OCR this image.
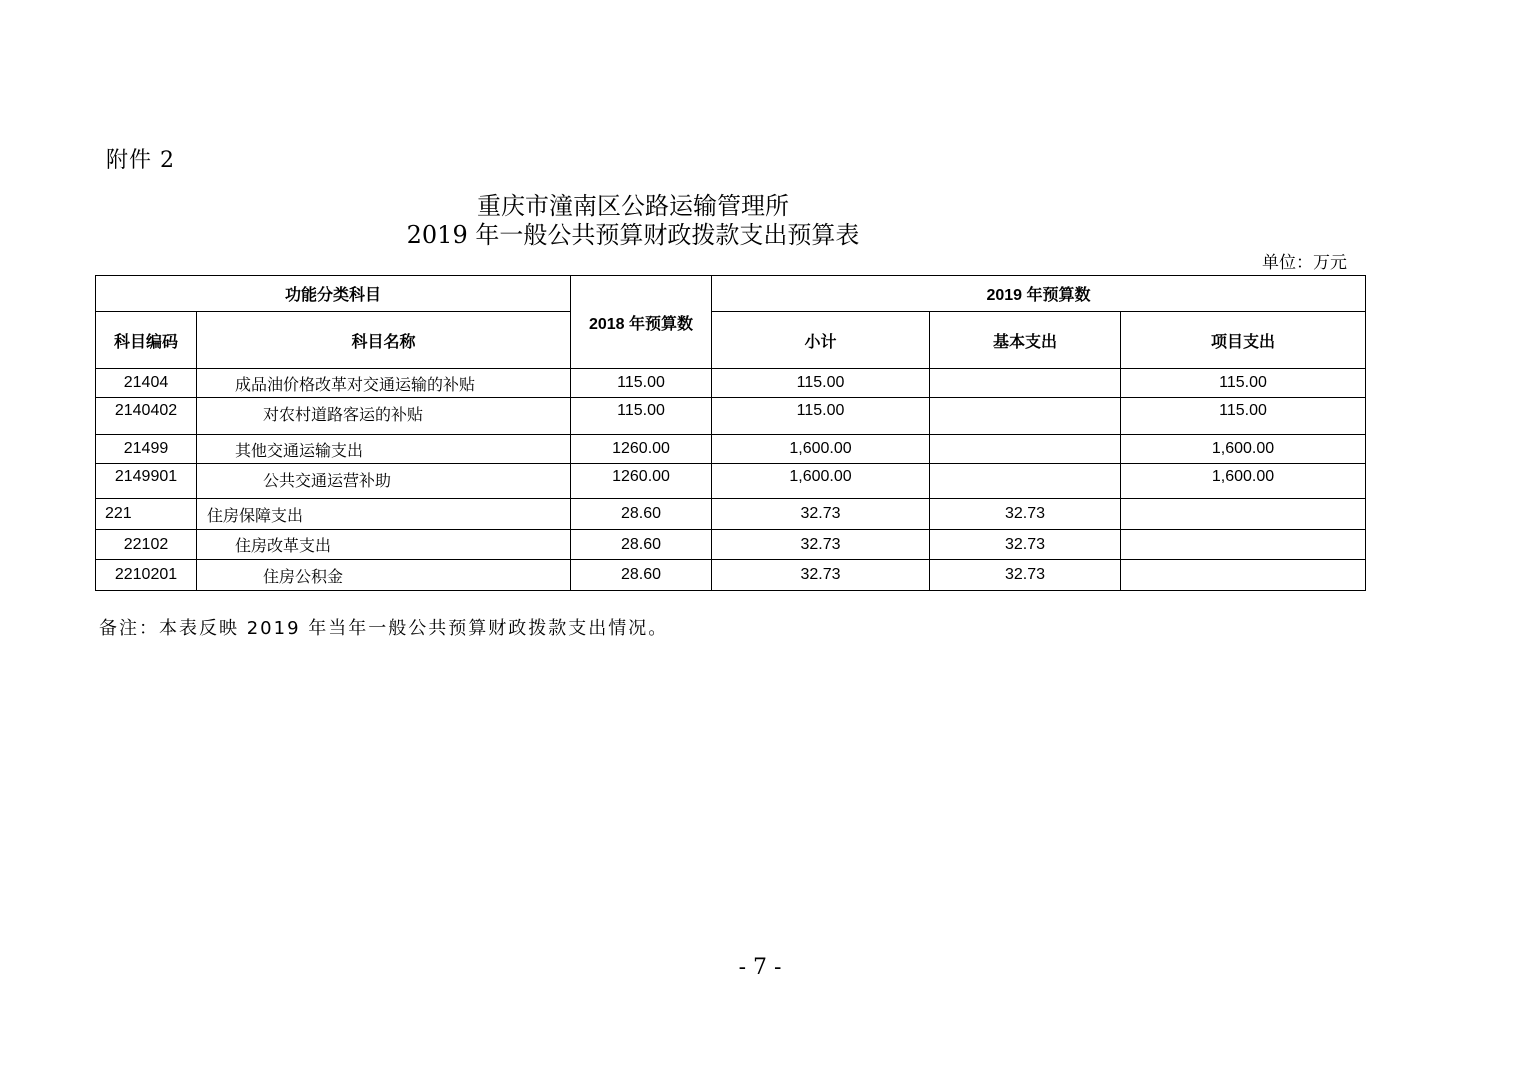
附件 2
重庆市潼南区公路运输管理所
2019 年一般公共预算财政拨款支出预算表
单位：万元
功能分类科目		2018 年预算数	2019 年预算数		
科目编码	科目名称		小计	基本支出	项目支出
21404	成品油价格改革对交通运输的补贴	115.00	115.00		115.00
2140402	对农村道路客运的补贴	115.00	115.00		115.00
21499	其他交通运输支出	1260.00	1,600.00		1,600.00
2149901	公共交通运营补助	1260.00	1,600.00		1,600.00
221	住房保障支出	28.60	32.73	32.73	
22102	住房改革支出	28.60	32.73	32.73	
2210201	住房公积金	28.60	32.73	32.73	
备注：本表反映 2019 年当年一般公共预算财政拨款支出情况。
- 7 -
